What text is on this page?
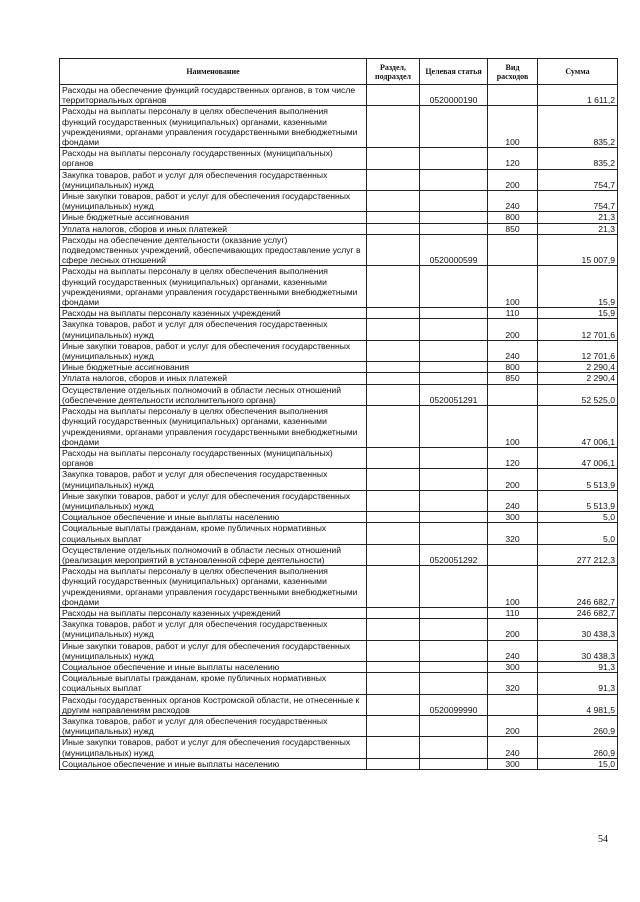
Наименование	Раздел, подраздел	Целевая статья	Вид расходов	Сумма
Расходы на обеспечение функций государственных органов, в том числе территориальных органов		0520000190		1 611,2
Расходы на выплаты персоналу в целях обеспечения выполнения функций государственных (муниципальных) органами, казенными учреждениями, органами управления государственными внебюджетными фондами			100	835,2
Расходы на выплаты персоналу государственных (муниципальных) органов			120	835,2
Закупка товаров, работ и услуг для обеспечения государственных (муниципальных) нужд			200	754,7
Иные закупки товаров, работ и услуг для обеспечения государственных (муниципальных) нужд			240	754,7
Иные бюджетные ассигнования			800	21,3
Уплата налогов, сборов и иных платежей			850	21,3
Расходы на обеспечение деятельности (оказание услуг) подведомственных учреждений, обеспечивающих предоставление услуг в сфере лесных отношений		0520000599		15 007,9
Расходы на выплаты персоналу в целях обеспечения выполнения функций государственных (муниципальных) органами, казенными учреждениями, органами управления государственными внебюджетными фондами			100	15,9
Расходы на выплаты персоналу казенных учреждений			110	15,9
Закупка товаров, работ и услуг для обеспечения государственных (муниципальных) нужд			200	12 701,6
Иные закупки товаров, работ и услуг для обеспечения государственных (муниципальных) нужд			240	12 701,6
Иные бюджетные ассигнования			800	2 290,4
Уплата налогов, сборов и иных платежей			850	2 290,4
Осуществление отдельных полномочий в области лесных отношений (обеспечение деятельности исполнительного органа)		0520051291		52 525,0
Расходы на выплаты персоналу в целях обеспечения выполнения функций государственных (муниципальных) органами, казенными учреждениями, органами управления государственными внебюджетными фондами			100	47 006,1
Расходы на выплаты персоналу государственных (муниципальных) органов			120	47 006,1
Закупка товаров, работ и услуг для обеспечения государственных (муниципальных) нужд			200	5 513,9
Иные закупки товаров, работ и услуг для обеспечения государственных (муниципальных) нужд			240	5 513,9
Социальное обеспечение и иные выплаты населению			300	5,0
Социальные выплаты гражданам, кроме публичных нормативных социальных выплат			320	5,0
Осуществление отдельных полномочий в области лесных отношений (реализация мероприятий в установленной сфере деятельности)		0520051292		277 212,3
Расходы на выплаты персоналу в целях обеспечения выполнения функций государственных (муниципальных) органами, казенными учреждениями, органами управления государственными внебюджетными фондами			100	246 682,7
Расходы на выплаты персоналу казенных учреждений			110	246 682,7
Закупка товаров, работ и услуг для обеспечения государственных (муниципальных) нужд			200	30 438,3
Иные закупки товаров, работ и услуг для обеспечения государственных (муниципальных) нужд			240	30 438,3
Социальное обеспечение и иные выплаты населению			300	91,3
Социальные выплаты гражданам, кроме публичных нормативных социальных выплат			320	91,3
Расходы государственных органов Костромской области, не отнесенные к другим направлениям расходов		0520099990		4 981,5
Закупка товаров, работ и услуг для обеспечения государственных (муниципальных) нужд			200	260,9
Иные закупки товаров, работ и услуг для обеспечения государственных (муниципальных) нужд			240	260,9
Социальное обеспечение и иные выплаты населению			300	15,0
54
